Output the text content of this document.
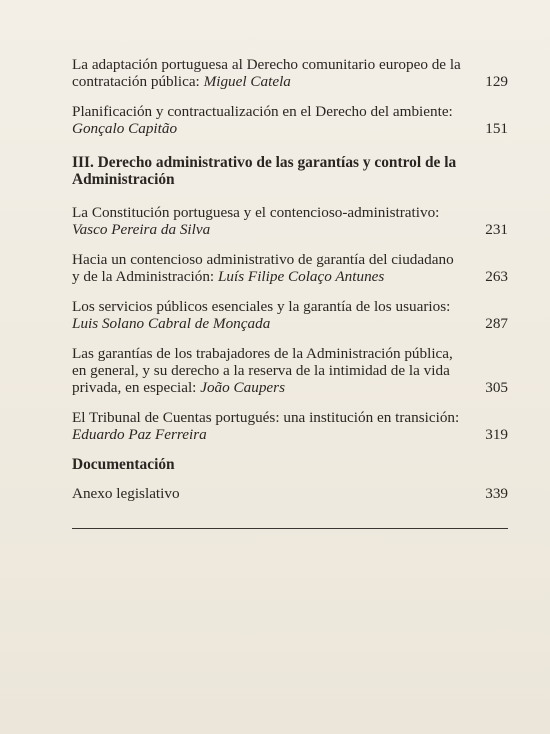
La adaptación portuguesa al Derecho comunitario europeo de la contratación pública: Miguel Catela	129
Planificación y contractualización en el Derecho del ambiente:
Gonçalo Capitão	151
III. Derecho administrativo de las garantías y control de la Administración
La Constitución portuguesa y el contencioso-administrativo:
Vasco Pereira da Silva	231
Hacia un contencioso administrativo de garantía del ciudadano y de la Administración: Luís Filipe Colaço Antunes	263
Los servicios públicos esenciales y la garantía de los usuarios:
Luis Solano Cabral de Monçada	287
Las garantías de los trabajadores de la Administración pública, en general, y su derecho a la reserva de la intimidad de la vida privada, en especial: João Caupers	305
El Tribunal de Cuentas portugués: una institución en transición: Eduardo Paz Ferreira	319
Documentación
Anexo legislativo	339
